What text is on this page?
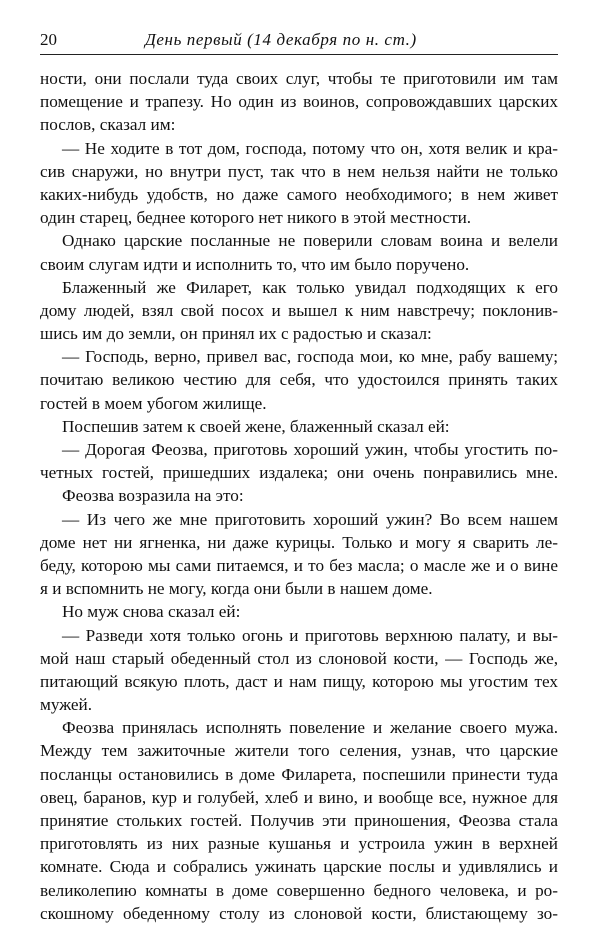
20	День первый (14 декабря по н. ст.)
ности, они послали туда своих слуг, чтобы те приготовили им там
помещение и трапезу. Но один из воинов, сопровождавших царских
послов, сказал им:
— Не ходите в тот дом, господа, потому что он, хотя велик и кра-
сив снаружи, но внутри пуст, так что в нем нельзя найти не только
каких-нибудь удобств, но даже самого необходимого; в нем живет
один старец, беднее которого нет никого в этой местности.
Однако царские посланные не поверили словам воина и велели
своим слугам идти и исполнить то, что им было поручено.
Блаженный же Филарет, как только увидал подходящих к его
дому людей, взял свой посох и вышел к ним навстречу; поклонив-
шись им до земли, он принял их с радостью и сказал:
— Господь, верно, привел вас, господа мои, ко мне, рабу вашему;
почитаю великою честию для себя, что удостоился принять таких
гостей в моем убогом жилище.
Поспешив затем к своей жене, блаженный сказал ей:
— Дорогая Феозва, приготовь хороший ужин, чтобы угостить по-
четных гостей, пришедших издалека; они очень понравились мне.
Феозва возразила на это:
— Из чего же мне приготовить хороший ужин? Во всем нашем
доме нет ни ягненка, ни даже курицы. Только и могу я сварить ле-
беду, которою мы сами питаемся, и то без масла; о масле же и о вине
я и вспомнить не могу, когда они были в нашем доме.
Но муж снова сказал ей:
— Разведи хотя только огонь и приготовь верхнюю палату, и вы-
мой наш старый обеденный стол из слоновой кости, — Господь же,
питающий всякую плоть, даст и нам пищу, которою мы угостим тех
мужей.
Феозва принялась исполнять повеление и желание своего мужа.
Между тем зажиточные жители того селения, узнав, что царские
посланцы остановились в доме Филарета, поспешили принести туда
овец, баранов, кур и голубей, хлеб и вино, и вообще все, нужное для
принятие стольких гостей. Получив эти приношения, Феозва стала
приготовлять из них разные кушанья и устроила ужин в верхней
комнате. Сюда и собрались ужинать царские послы и удивлялись и
великолепию комнаты в доме совершенно бедного человека, и ро-
скошному обеденному столу из слоновой кости, блистающему зо-
